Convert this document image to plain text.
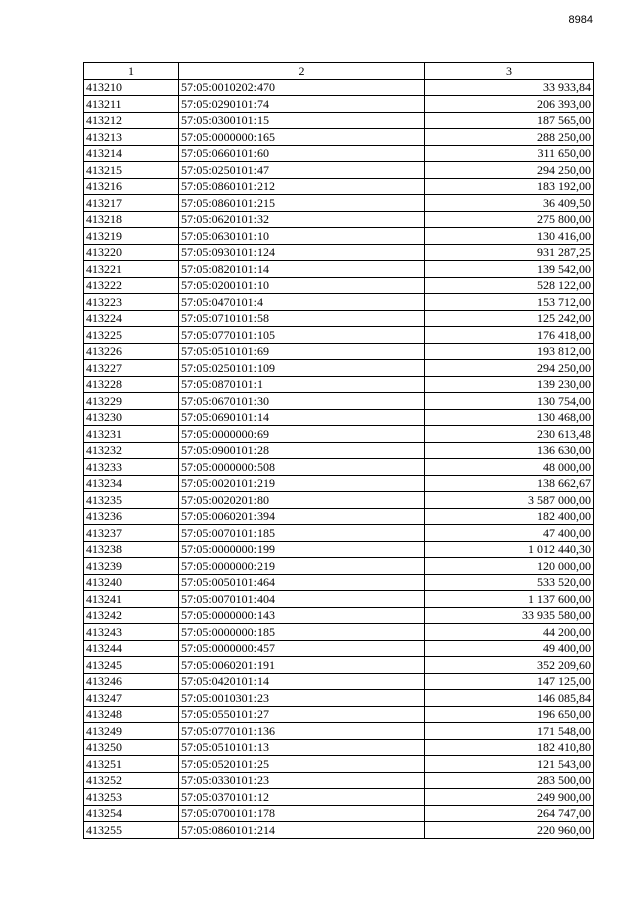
8984
1	2	3
413210	57:05:0010202:470	33 933,84
413211	57:05:0290101:74	206 393,00
413212	57:05:0300101:15	187 565,00
413213	57:05:0000000:165	288 250,00
413214	57:05:0660101:60	311 650,00
413215	57:05:0250101:47	294 250,00
413216	57:05:0860101:212	183 192,00
413217	57:05:0860101:215	36 409,50
413218	57:05:0620101:32	275 800,00
413219	57:05:0630101:10	130 416,00
413220	57:05:0930101:124	931 287,25
413221	57:05:0820101:14	139 542,00
413222	57:05:0200101:10	528 122,00
413223	57:05:0470101:4	153 712,00
413224	57:05:0710101:58	125 242,00
413225	57:05:0770101:105	176 418,00
413226	57:05:0510101:69	193 812,00
413227	57:05:0250101:109	294 250,00
413228	57:05:0870101:1	139 230,00
413229	57:05:0670101:30	130 754,00
413230	57:05:0690101:14	130 468,00
413231	57:05:0000000:69	230 613,48
413232	57:05:0900101:28	136 630,00
413233	57:05:0000000:508	48 000,00
413234	57:05:0020101:219	138 662,67
413235	57:05:0020201:80	3 587 000,00
413236	57:05:0060201:394	182 400,00
413237	57:05:0070101:185	47 400,00
413238	57:05:0000000:199	1 012 440,30
413239	57:05:0000000:219	120 000,00
413240	57:05:0050101:464	533 520,00
413241	57:05:0070101:404	1 137 600,00
413242	57:05:0000000:143	33 935 580,00
413243	57:05:0000000:185	44 200,00
413244	57:05:0000000:457	49 400,00
413245	57:05:0060201:191	352 209,60
413246	57:05:0420101:14	147 125,00
413247	57:05:0010301:23	146 085,84
413248	57:05:0550101:27	196 650,00
413249	57:05:0770101:136	171 548,00
413250	57:05:0510101:13	182 410,80
413251	57:05:0520101:25	121 543,00
413252	57:05:0330101:23	283 500,00
413253	57:05:0370101:12	249 900,00
413254	57:05:0700101:178	264 747,00
413255	57:05:0860101:214	220 960,00
